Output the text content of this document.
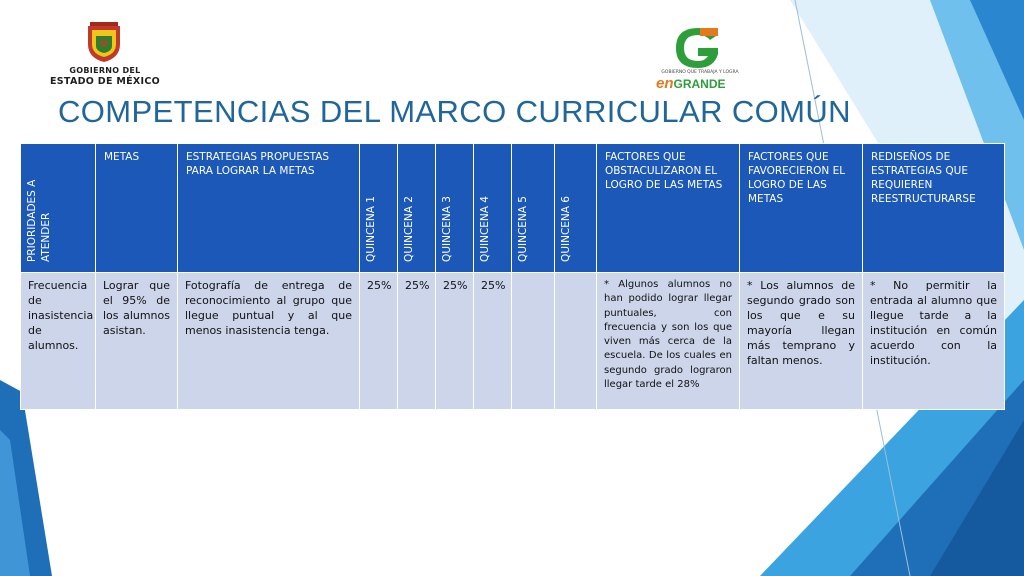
GOBIERNO DEL
ESTADO DE MÉXICO
GOBIERNO QUE TRABAJA Y LOGRA
enGRANDE
COMPETENCIAS DEL MARCO CURRICULAR COMÚN
PRIORIDADES A ATENDER	METAS	ESTRATEGIAS PROPUESTAS PARA LOGRAR LA METAS	QUINCENA 1	QUINCENA 2	QUINCENA 3	QUINCENA 4	QUINCENA 5	QUINCENA 6	FACTORES QUE OBSTACULIZARON EL LOGRO DE LAS METAS	FACTORES QUE FAVORECIERON EL LOGRO DE LAS METAS	REDISEÑOS DE ESTRATEGIAS QUE REQUIEREN REESTRUCTURARSE
Frecuencia de inasistencia de alumnos.	Lograr que el 95% de los alumnos asistan.	Fotografía de entrega de reconocimiento al grupo que llegue puntual y al que menos inasistencia tenga.	25%	25%	25%	25%			* Algunos alumnos no han podido lograr llegar puntuales, con frecuencia y son los que viven más cerca de la escuela. De los cuales en segundo grado lograron llegar tarde el 28%	* Los alumnos de segundo grado son los que e su mayoría llegan más temprano y faltan menos.	* No permitir la entrada al alumno que llegue tarde a la institución en común acuerdo con la institución.
